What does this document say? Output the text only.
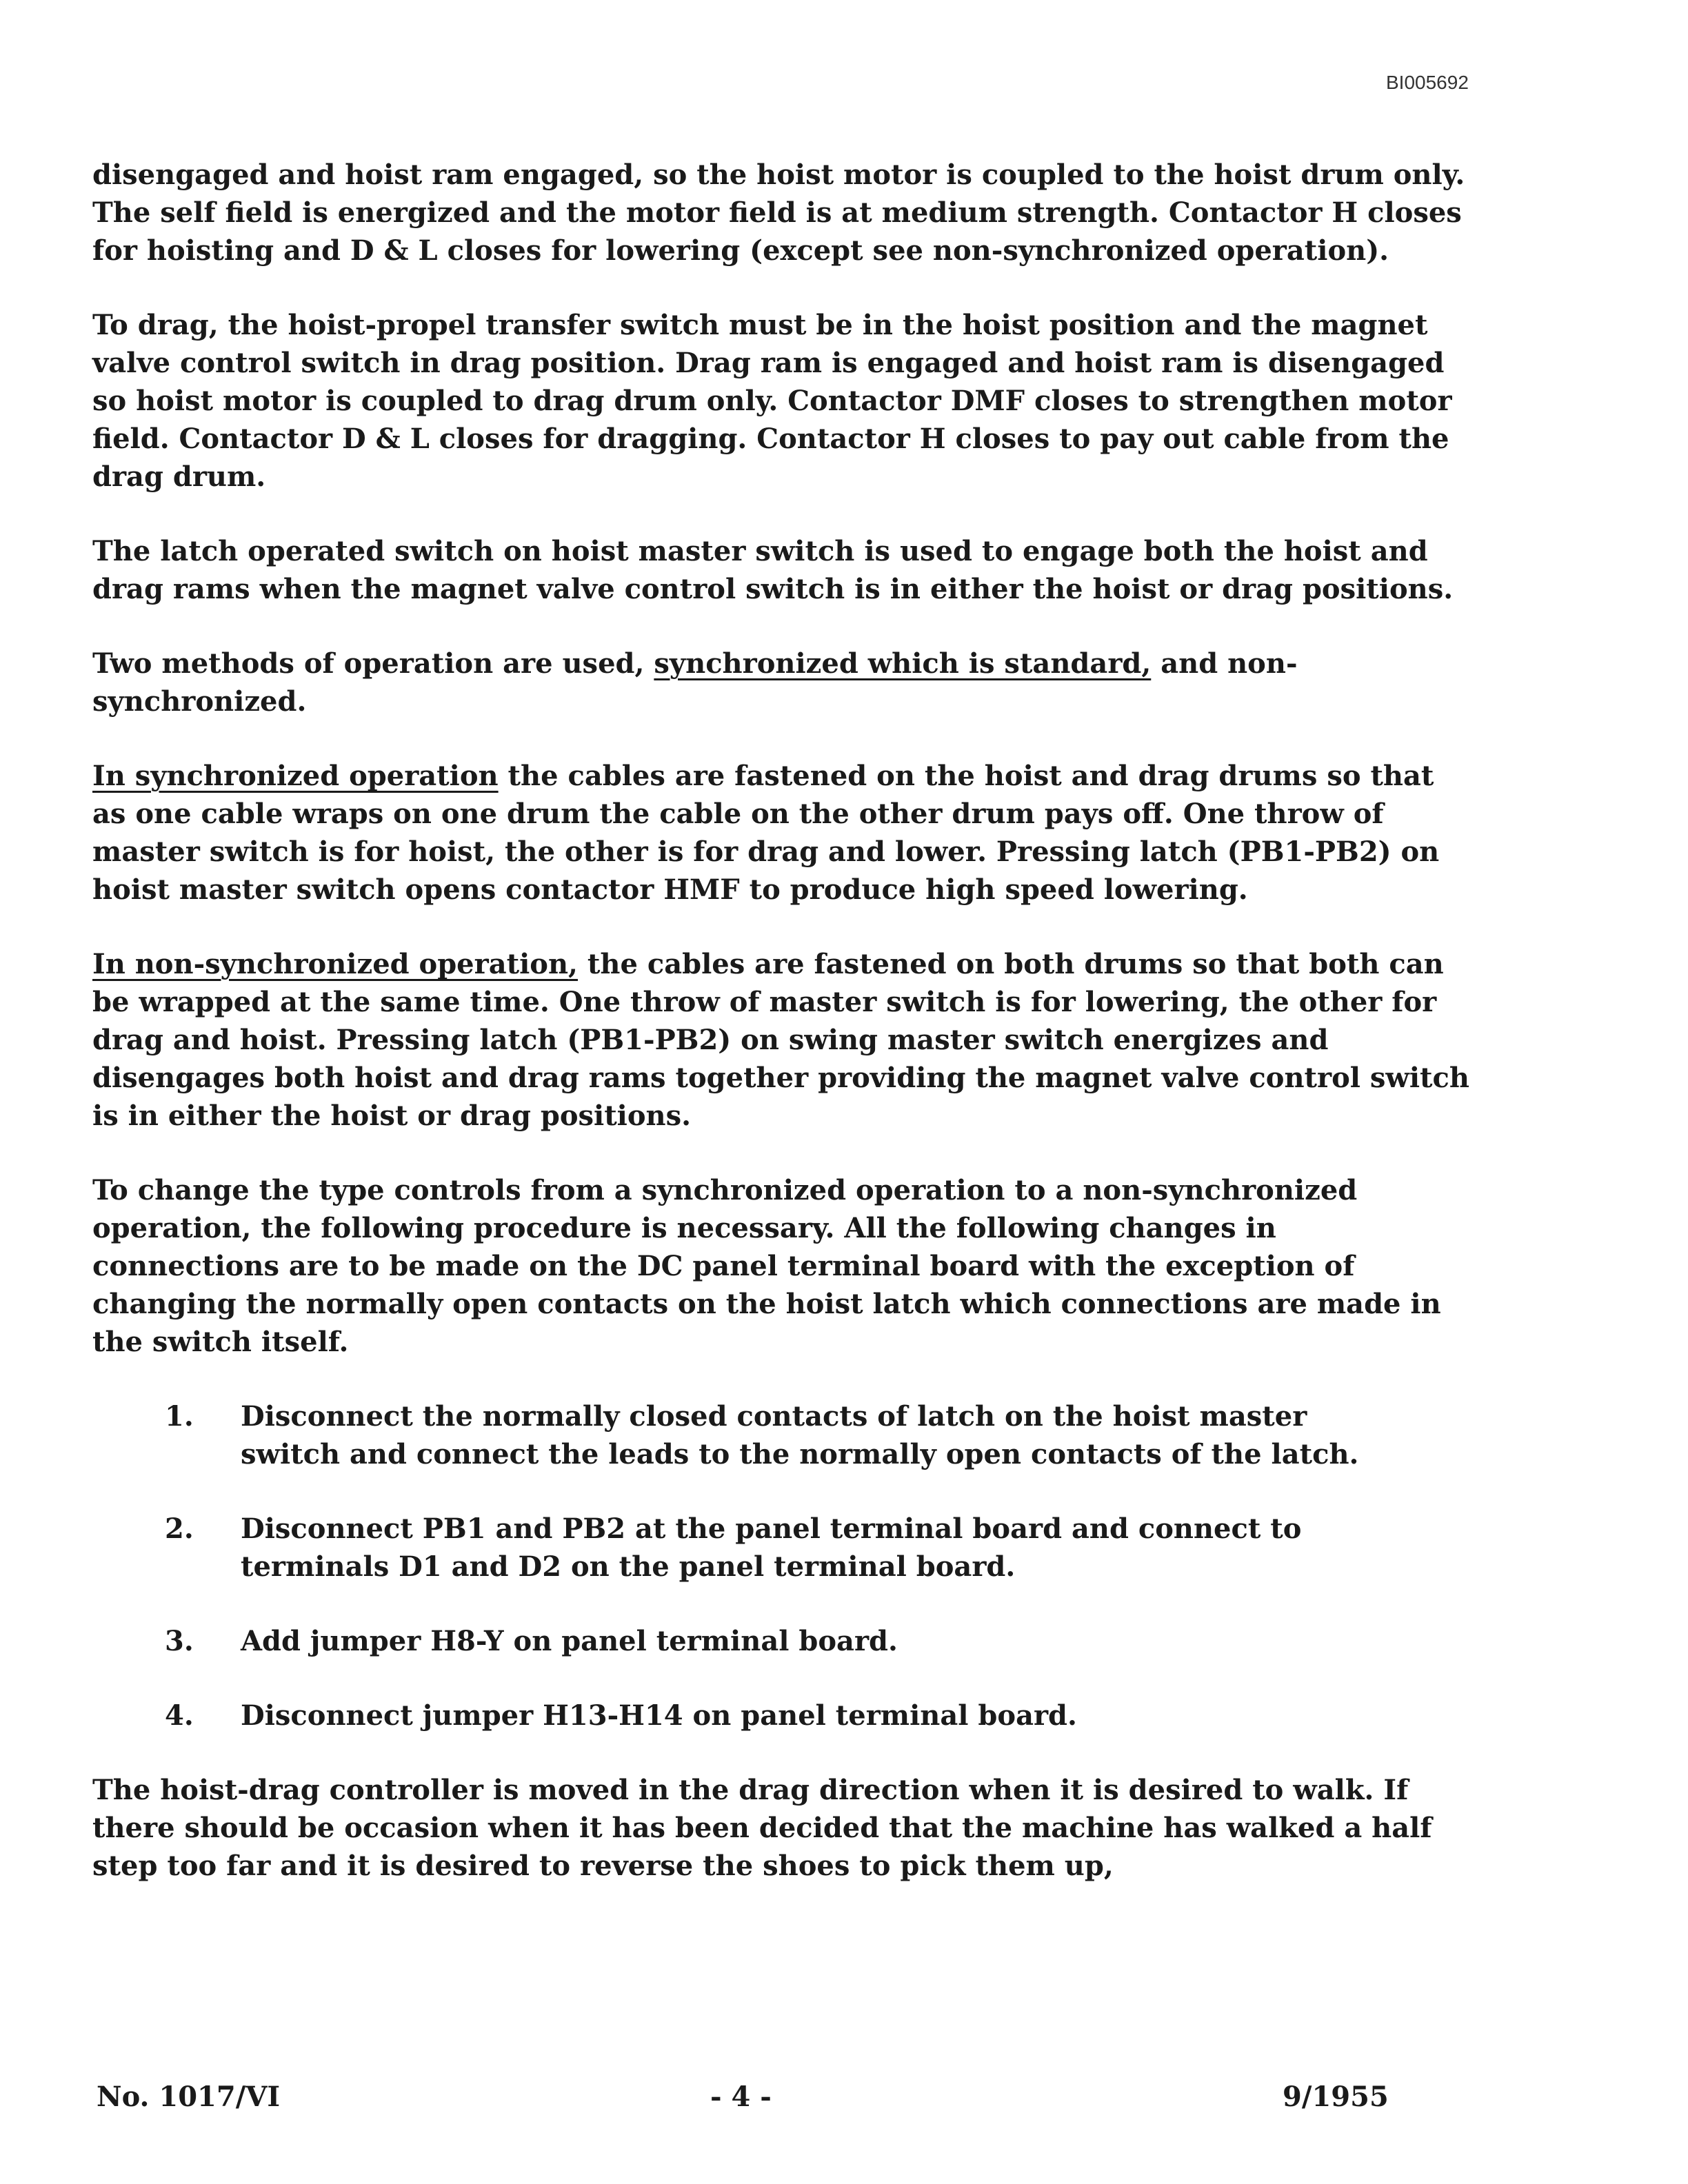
BI005692

disengaged and hoist ram engaged, so the hoist motor is coupled to the hoist drum only. The self field is energized and the motor field is at medium strength. Contactor H closes for hoisting and D & L closes for lowering (except see non-synchronized operation).

To drag, the hoist-propel transfer switch must be in the hoist position and the magnet valve control switch in drag position. Drag ram is engaged and hoist ram is disengaged so hoist motor is coupled to drag drum only. Contactor DMF closes to strengthen motor field. Contactor D & L closes for dragging. Contactor H closes to pay out cable from the drag drum.

The latch operated switch on hoist master switch is used to engage both the hoist and drag rams when the magnet valve control switch is in either the hoist or drag positions.

Two methods of operation are used, synchronized which is standard, and non-synchronized.

In synchronized operation the cables are fastened on the hoist and drag drums so that as one cable wraps on one drum the cable on the other drum pays off. One throw of master switch is for hoist, the other is for drag and lower. Pressing latch (PB1-PB2) on hoist master switch opens contactor HMF to produce high speed lowering.

In non-synchronized operation, the cables are fastened on both drums so that both can be wrapped at the same time. One throw of master switch is for lowering, the other for drag and hoist. Pressing latch (PB1-PB2) on swing master switch energizes and disengages both hoist and drag rams together providing the magnet valve control switch is in either the hoist or drag positions.

To change the type controls from a synchronized operation to a non-synchronized operation, the following procedure is necessary. All the following changes in connections are to be made on the DC panel terminal board with the exception of changing the normally open contacts on the hoist latch which connections are made in the switch itself.

1.	Disconnect the normally closed contacts of latch on the hoist master switch and connect the leads to the normally open contacts of the latch.
2.	Disconnect PB1 and PB2 at the panel terminal board and connect to terminals D1 and D2 on the panel terminal board.
3.	Add jumper H8-Y on panel terminal board.
4.	Disconnect jumper H13-H14 on panel terminal board.

The hoist-drag controller is moved in the drag direction when it is desired to walk. If there should be occasion when it has been decided that the machine has walked a half step too far and it is desired to reverse the shoes to pick them up,

No. 1017/VI	- 4 -	9/1955
